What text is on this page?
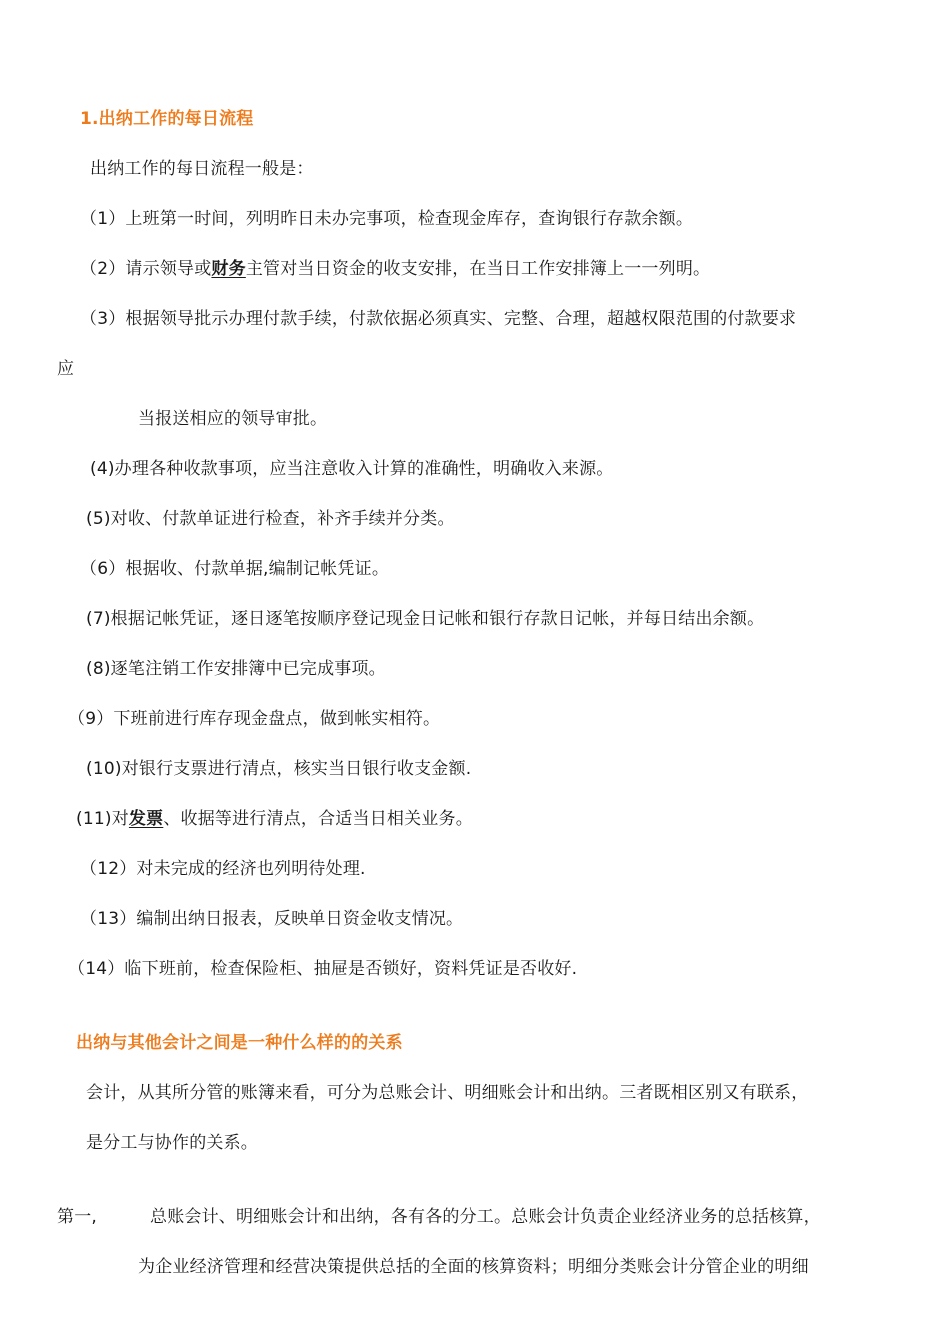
1.出纳工作的每日流程
出纳工作的每日流程一般是：
（1）上班第一时间，列明昨日未办完事项，检查现金库存，查询银行存款余额。
（2）请示领导或财务主管对当日资金的收支安排，在当日工作安排簿上一一列明。
（3）根据领导批示办理付款手续，付款依据必须真实、完整、合理，超越权限范围的付款要求
应
当报送相应的领导审批。
(4)办理各种收款事项，应当注意收入计算的准确性，明确收入来源。
(5)对收、付款单证进行检查，补齐手续并分类。
（6）根据收、付款单据,编制记帐凭证。
(7)根据记帐凭证，逐日逐笔按顺序登记现金日记帐和银行存款日记帐，并每日结出余额。
(8)逐笔注销工作安排簿中已完成事项。
（9）下班前进行库存现金盘点，做到帐实相符。
(10)对银行支票进行清点，核实当日银行收支金额.
(11)对发票、收据等进行清点，合适当日相关业务。
（12）对未完成的经济也列明待处理.
（13）编制出纳日报表，反映单日资金收支情况。
（14）临下班前，检查保险柜、抽屉是否锁好，资料凭证是否收好.
出纳与其他会计之间是一种什么样的的关系
会计，从其所分管的账簿来看，可分为总账会计、明细账会计和出纳。三者既相区别又有联系，
是分工与协作的关系。
第一,	总账会计、明细账会计和出纳，各有各的分工。总账会计负责企业经济业务的总括核算，
为企业经济管理和经营决策提供总括的全面的核算资料；明细分类账会计分管企业的明细
